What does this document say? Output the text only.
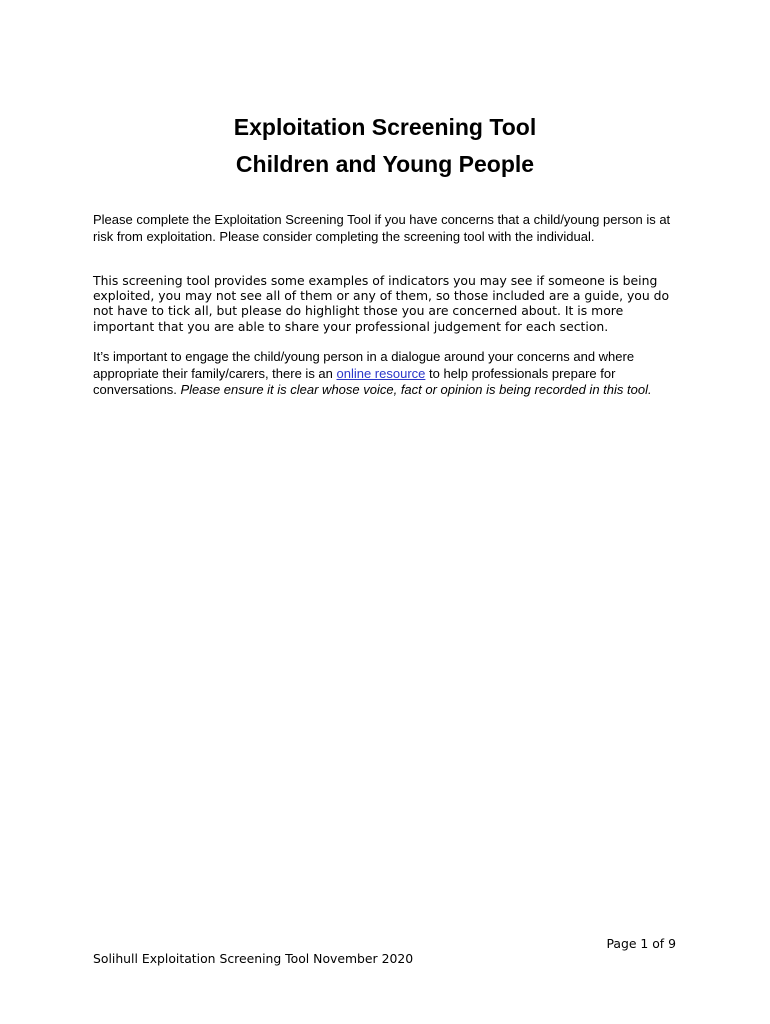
Exploitation Screening Tool
Children and Young People

Please complete the Exploitation Screening Tool if you have concerns that a child/young person is at risk from exploitation. Please consider completing the screening tool with the individual.

This screening tool provides some examples of indicators you may see if someone is being exploited, you may not see all of them or any of them, so those included are a guide, you do not have to tick all, but please do highlight those you are concerned about. It is more important that you are able to share your professional judgement for each section.

It’s important to engage the child/young person in a dialogue around your concerns and where appropriate their family/carers, there is an online resource to help professionals prepare for conversations. Please ensure it is clear whose voice, fact or opinion is being recorded in this tool.

Page 1 of 9
Solihull Exploitation Screening Tool November 2020
